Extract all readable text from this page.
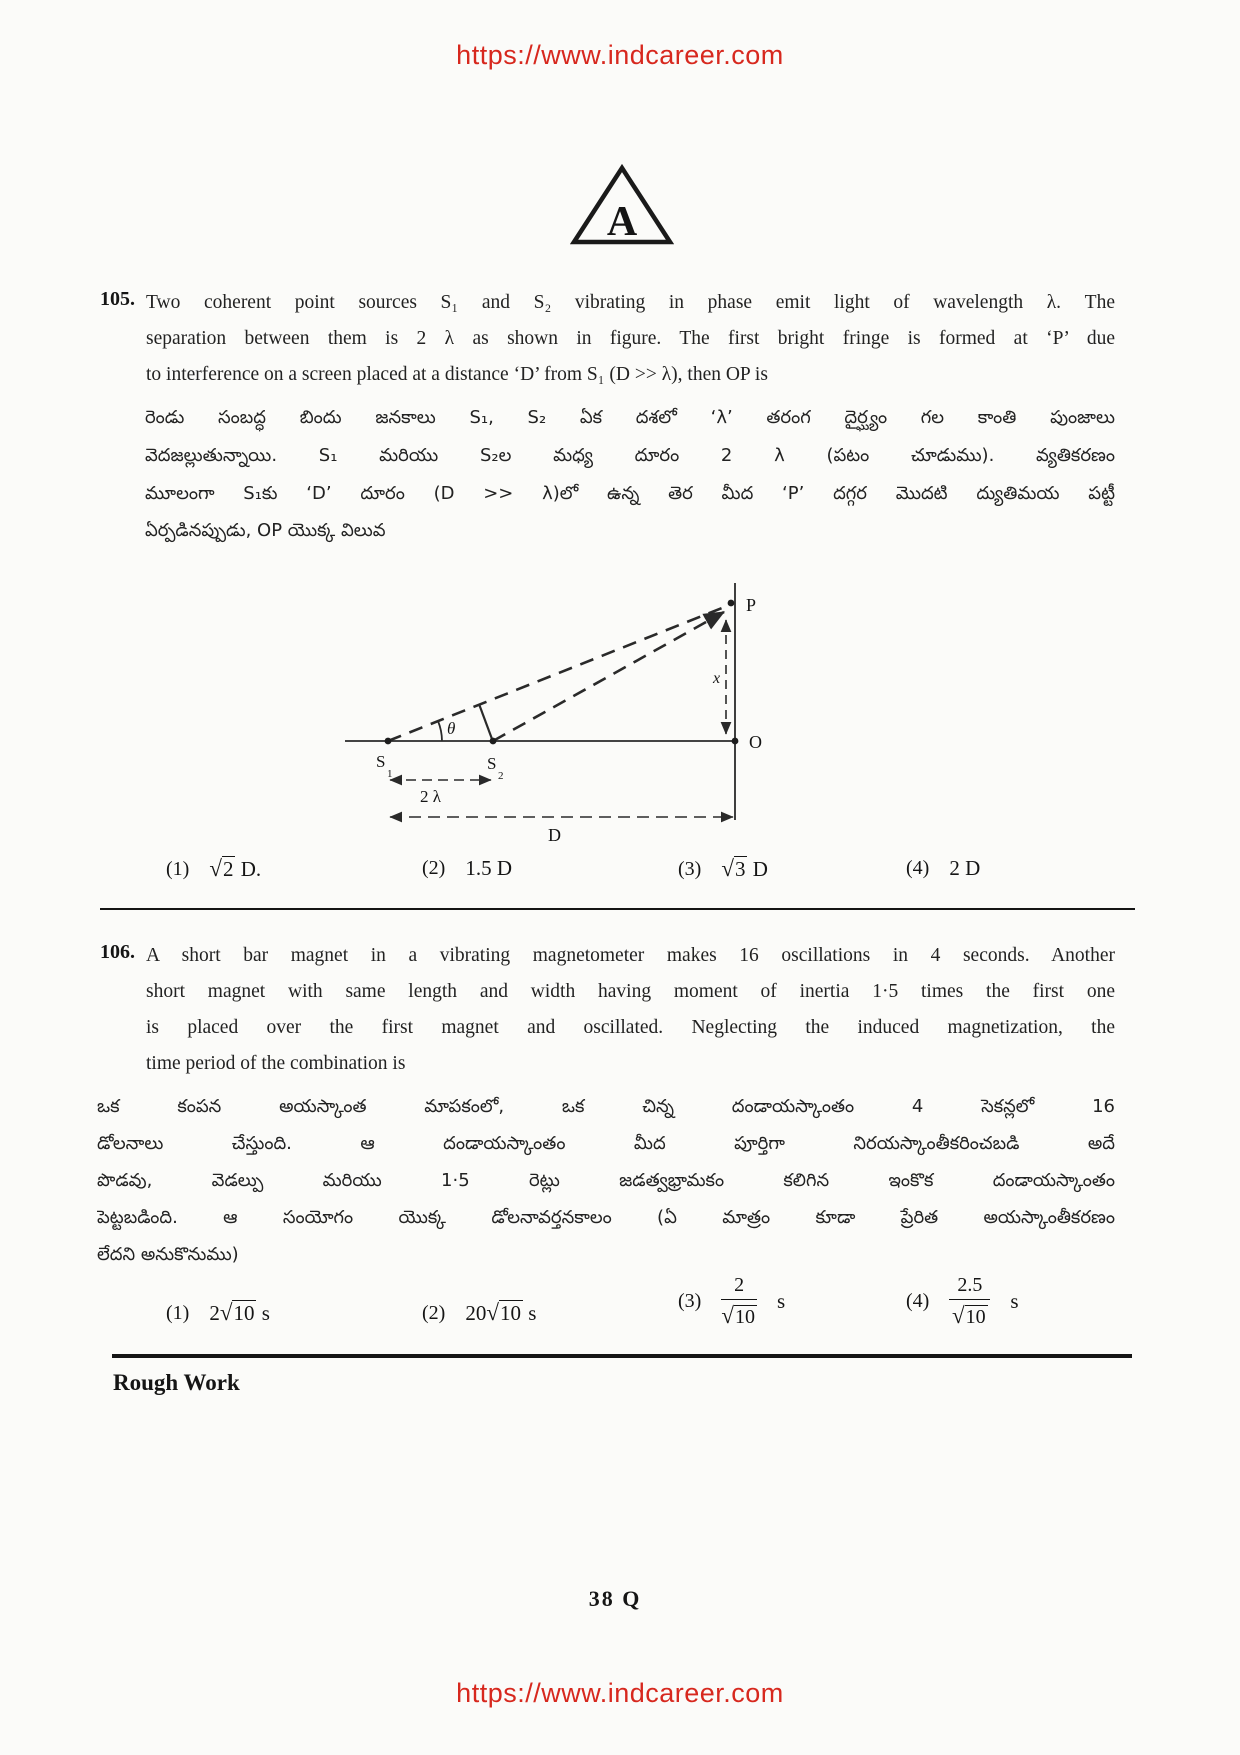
https://www.indcareer.com
A
105. Two coherent point sources S₁ and S₂ vibrating in phase emit light of wavelength λ. The
separation between them is 2 λ as shown in figure. The first bright fringe is formed at ‘P’ due
to interference on a screen placed at a distance ‘D’ from S₁ (D >> λ), then OP is
రెండు సంబద్ధ బిందు జనకాలు S₁, S₂ ఏక దశలో ‘λ’ తరంగ దైర్ఘ్యం గల కాంతి పుంజాలు
వెదజల్లుతున్నాయి. S₁ మరియు S₂ల మధ్య దూరం 2 λ (పటం చూడుము). వ్యతికరణం
మూలంగా S₁కు ‘D’ దూరం (D >> λ)లో ఉన్న తెర మీద ‘P’ దగ్గర మొదటి ద్యుతిమయ పట్టీ
ఏర్పడినప్పుడు, OP యొక్క విలువ
P
O
x
θ
S
1
S
2
2 λ
D
(1) √2 D.	(2) 1.5 D	(3) √3 D	(4) 2 D
106. A short bar magnet in a vibrating magnetometer makes 16 oscillations in 4 seconds. Another
short magnet with same length and width having moment of inertia 1·5 times the first one
is placed over the first magnet and oscillated. Neglecting the induced magnetization, the
time period of the combination is
ఒక కంపన అయస్కాంత మాపకంలో, ఒక చిన్న దండాయస్కాంతం 4 సెకన్లలో 16
డోలనాలు చేస్తుంది. ఆ దండాయస్కాంతం మీద పూర్తిగా నిరయస్కాంతీకరించబడి అదే
పొడవు, వెడల్పు మరియు 1·5 రెట్లు జడత్వభ్రామకం కలిగిన ఇంకొక దండాయస్కాంతం
పెట్టబడింది. ఆ సంయోగం యొక్క డోలనావర్తనకాలం (ఏ మాత్రం కూడా ప్రేరిత అయస్కాంతీకరణం
లేదని అనుకొనుము)
(1) 2√10 s	(2) 20√10 s
$(3) \frac{2}{√10}$ s	$(4) \frac{2.5}{√10}$ s
Rough Work
38 Q
https://www.indcareer.com
